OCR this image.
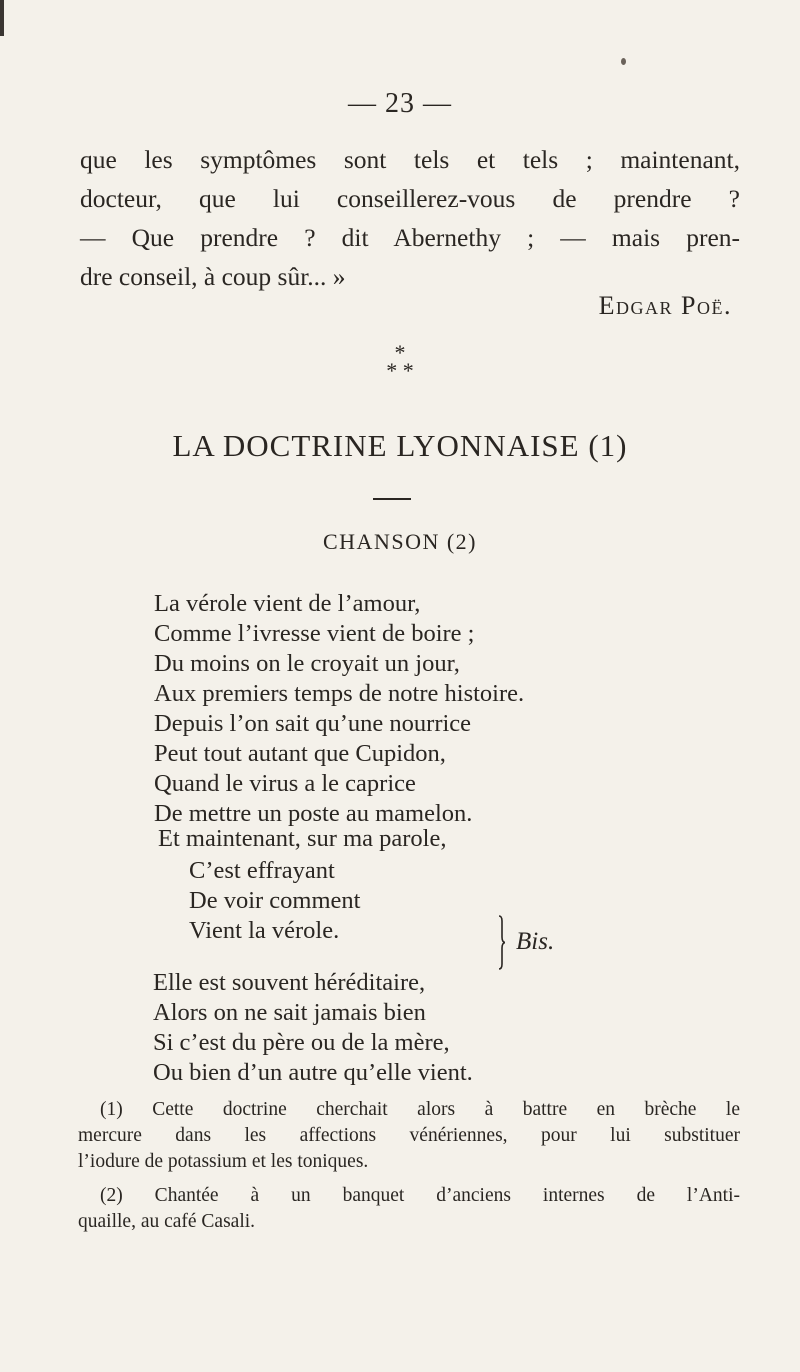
— 23 —
que les symptômes sont tels et tels ; maintenant,
docteur, que lui conseillerez-vous de prendre ?
— Que prendre ? dit Abernethy ; — mais pren-
dre conseil, à coup sûr... »
Edgar Poë.
*
* *
LA DOCTRINE LYONNAISE (1)
CHANSON (2)
La vérole vient de l’amour,
Comme l’ivresse vient de boire ;
Du moins on le croyait un jour,
Aux premiers temps de notre histoire.
Depuis l’on sait qu’une nourrice
Peut tout autant que Cupidon,
Quand le virus a le caprice
De mettre un poste au mamelon.
Et maintenant, sur ma parole,
C’est effrayant
De voir comment
Vient la vérole.	Bis.
Elle est souvent héréditaire,
Alors on ne sait jamais bien
Si c’est du père ou de la mère,
Ou bien d’un autre qu’elle vient.
(1) Cette doctrine cherchait alors à battre en brèche le
mercure dans les affections vénériennes, pour lui substituer
l’iodure de potassium et les toniques.
(2) Chantée à un banquet d’anciens internes de l’Anti-
quaille, au café Casali.
